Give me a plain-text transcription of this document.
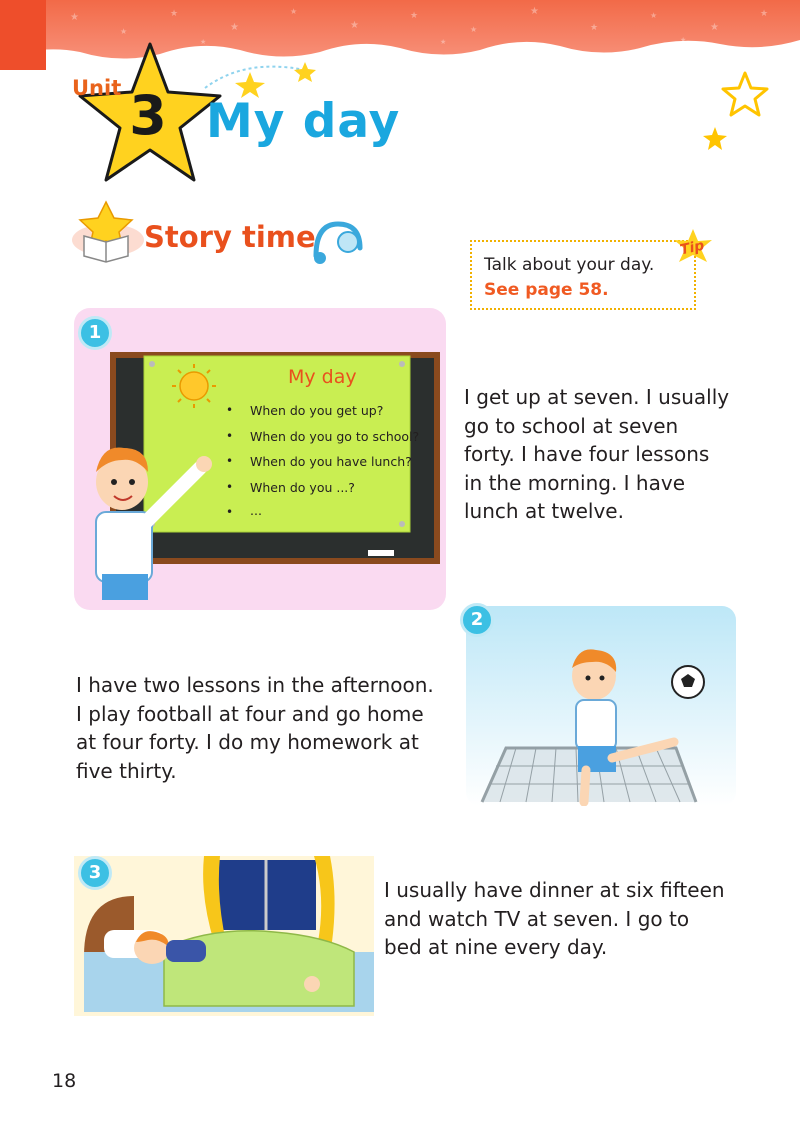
★
★
★
★
★
★
★
★
★
★
★
★
★
★	★	★
Unit 3 My day
Story time	Tip
Talk about your day.
See page 58.
My day
• When do you get up?
• When do you go to school?
• When do you have lunch?
• When do you ...?
• ...
1
I get up at seven. I usually
go to school at seven
forty. I have four lessons
in the morning. I have
lunch at twelve.
2
I have two lessons in the afternoon.
I play football at four and go home
at four forty. I do my homework at
five thirty.
3
I usually have dinner at six fifteen
and watch TV at seven. I go to
bed at nine every day.
18
